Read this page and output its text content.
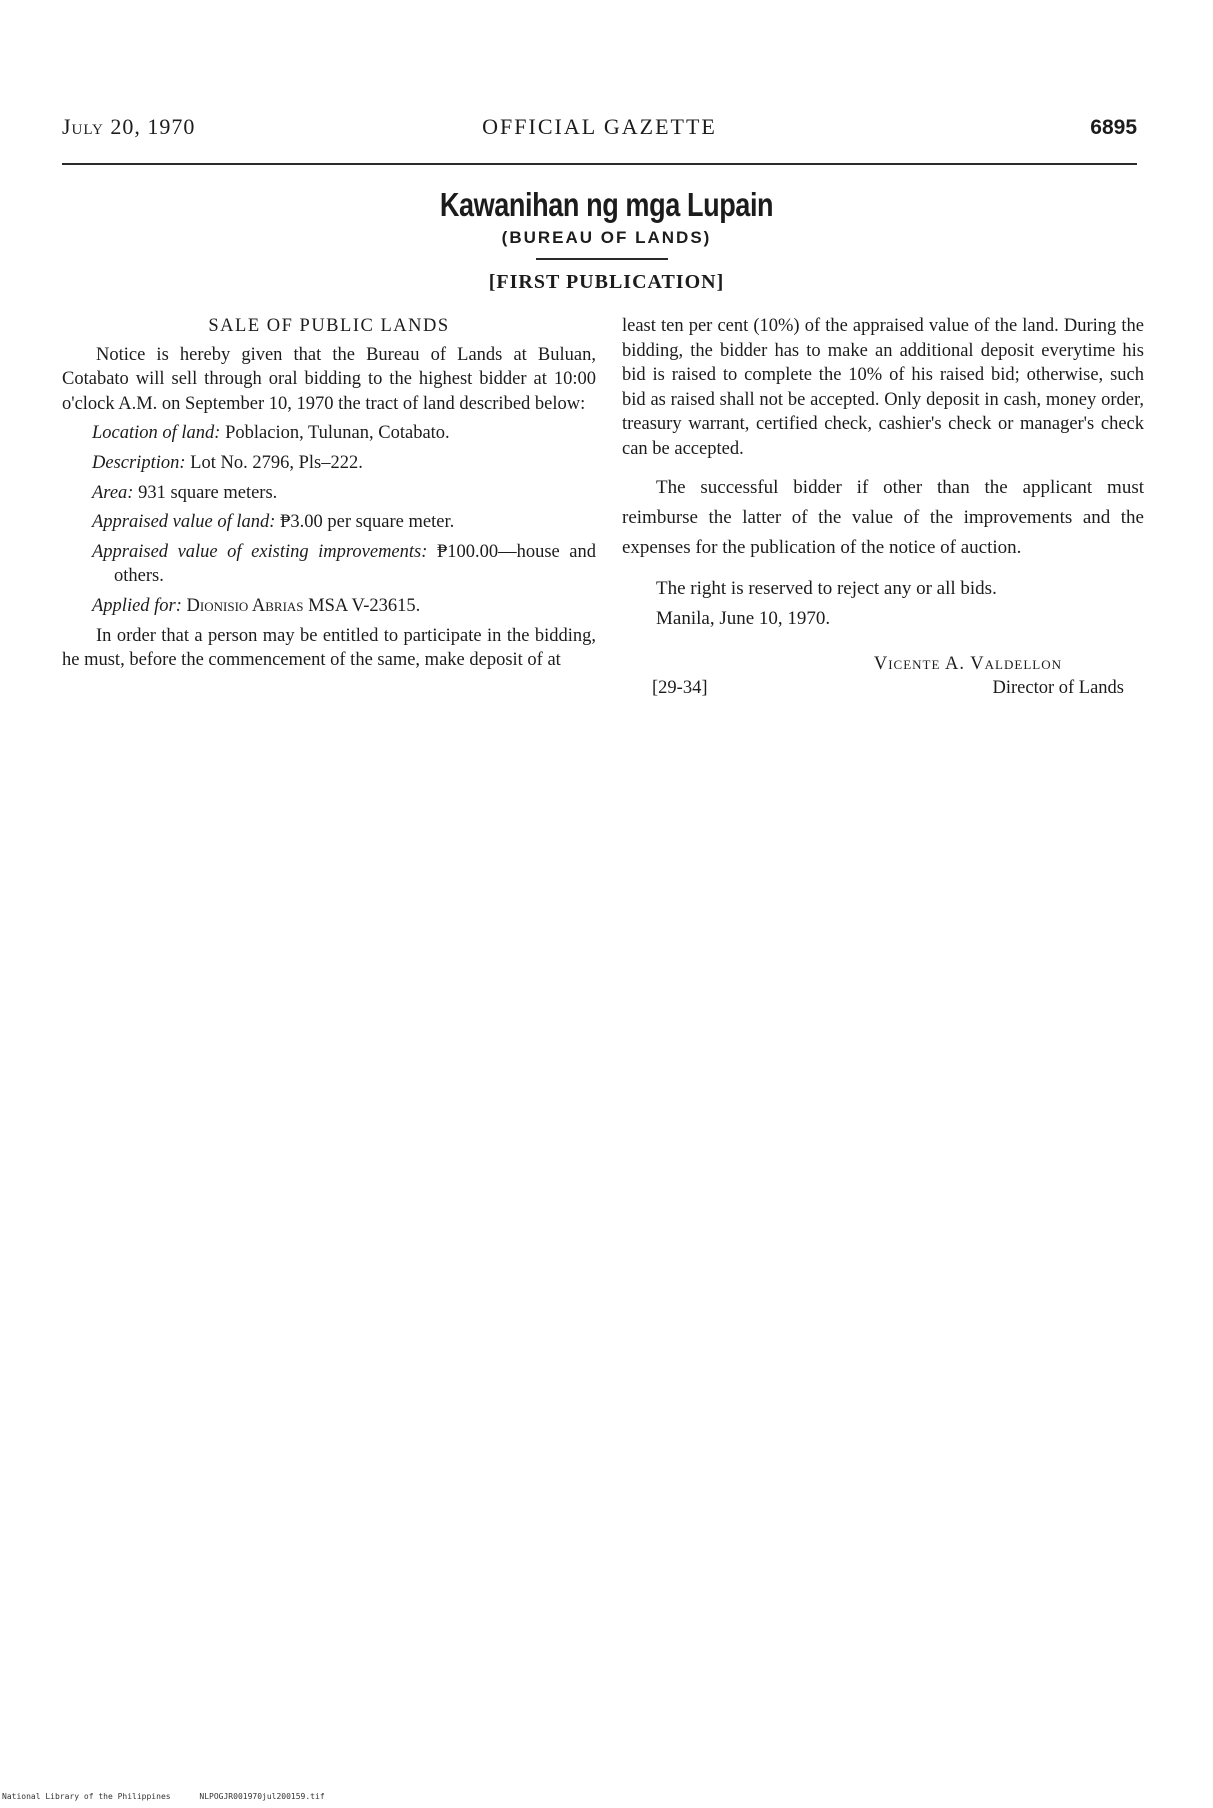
July 20, 1970	OFFICIAL GAZETTE	6895
Kawanihan ng mga Lupain
(BUREAU OF LANDS)
[FIRST PUBLICATION]

SALE OF PUBLIC LANDS

Notice is hereby given that the Bureau of Lands at Buluan, Cotabato will sell through oral bidding to the highest bidder at 10:00 o'clock A.M. on September 10, 1970 the tract of land described below:

Location of land: Poblacion, Tulunan, Cotabato.

Description: Lot No. 2796, Pls–222.

Area: 931 square meters.

Appraised value of land: ₱3.00 per square meter.

Appraised value of existing improvements: ₱100.00—house and others.

Applied for: Dionisio Abrias MSA V-23615.

In order that a person may be entitled to participate in the bidding, he must, before the commencement of the same, make deposit of at

least ten per cent (10%) of the appraised value of the land. During the bidding, the bidder has to make an additional deposit everytime his bid is raised to complete the 10% of his raised bid; otherwise, such bid as raised shall not be accepted. Only deposit in cash, money order, treasury warrant, certified check, cashier's check or manager's check can be accepted.

The successful bidder if other than the applicant must reimburse the latter of the value of the improvements and the expenses for the publication of the notice of auction.

The right is reserved to reject any or all bids.

Manila, June 10, 1970.

Vicente A. Valdellon

[29-34]	Director of Lands
National Library of the Philippines	NLPOGJR001970jul200159.tif
